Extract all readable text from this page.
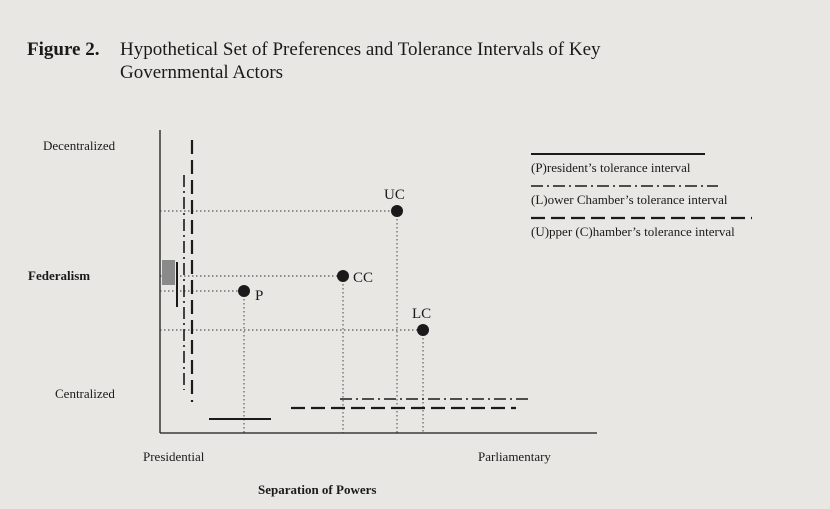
Figure 2. Hypothetical Set of Preferences and Tolerance Intervals of Key
Governmental Actors
Decentralized
Federalism
Centralized
Presidential	Parliamentary
Separation of Powers
P
CC
UC
LC
(P)resident’s tolerance interval
(L)ower Chamber’s tolerance interval
(U)pper (C)hamber’s tolerance interval
